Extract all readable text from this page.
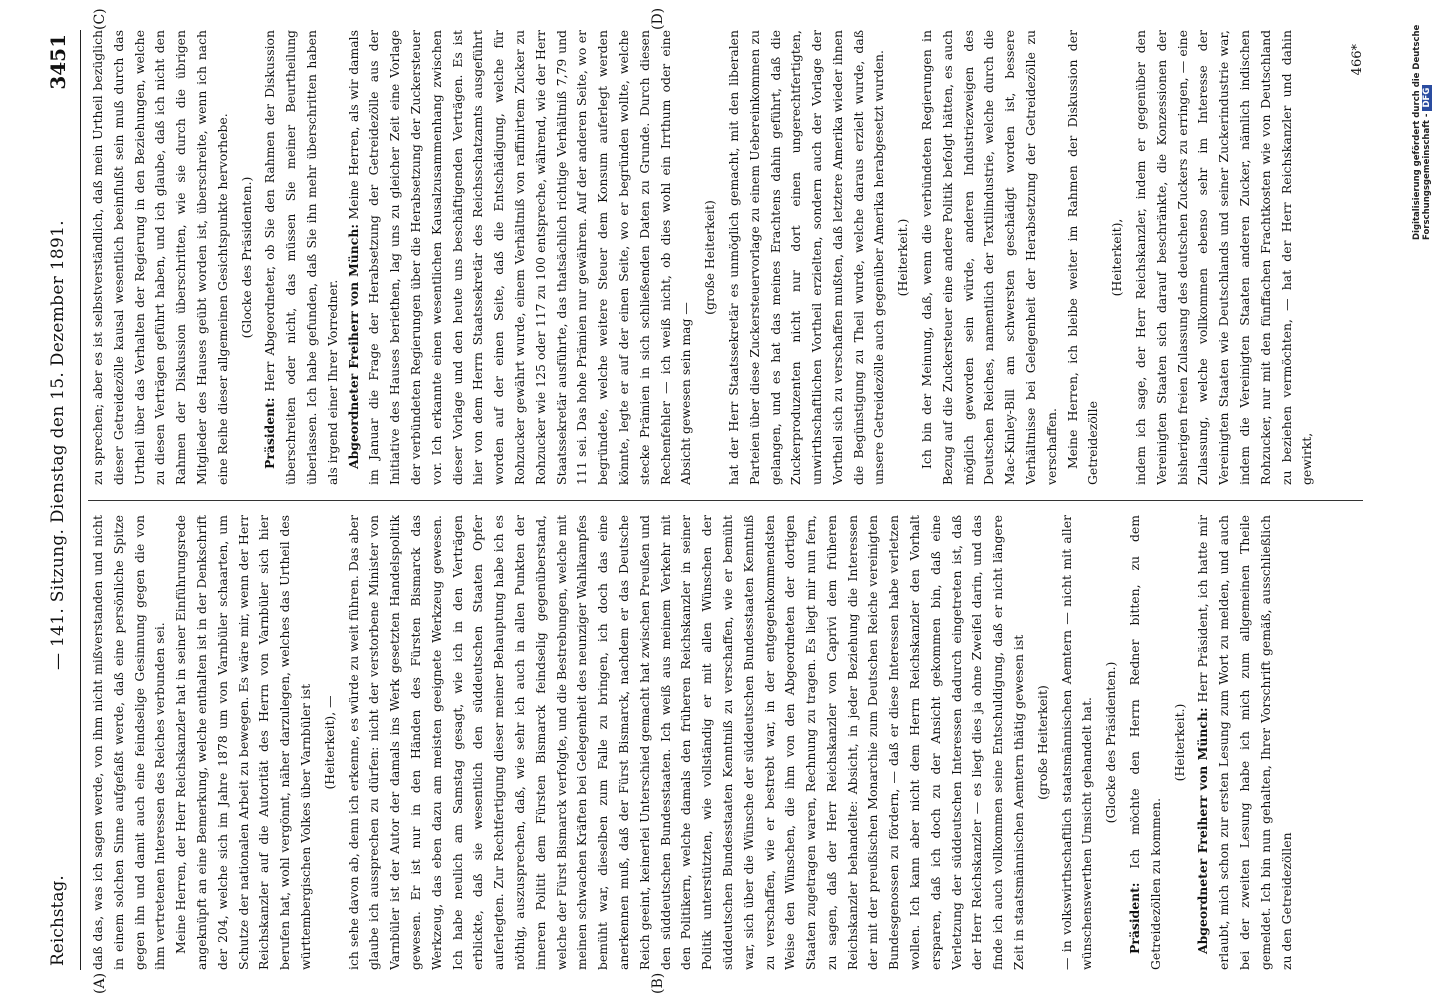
Reichstag.
— 141. Sitzung. Dienstag den 15. Dezember 1891.
3451

daß das, was ich sagen werde, von ihm nicht mißverstanden und nicht in einem solchen Sinne aufgefaßt werde, daß eine persönliche Spitze gegen ihn und damit auch eine feindselige Gesinnung gegen die von ihm vertretenen Interessen des Reiches verbunden sei. Meine Herren, der Herr Reichskanzler hat in seiner Einführungsrede angeknüpft an eine Bemerkung, welche enthalten ist in der Denkschrift der 204, welche sich im Jahre 1878 um von Varnbüler schaarten, um Schutze der nationalen Arbeit zu bewegen. Es wäre mir, wenn der Herr Reichskanzler auf die Autorität des Herrn von Varnbüler sich hier berufen hat, wohl vergönnt, näher darzulegen, welches das Urtheil des württembergischen Volkes über Varnbüler ist (Heiterkeit), — ich sehe davon ab, denn ich erkenne, es würde zu weit führen. Das aber glaube ich aussprechen zu dürfen: nicht der verstorbene Minister von Varnbüler ist der Autor der damals ins Werk gesetzten Handelspolitik gewesen. Er ist nur in den Händen des Fürsten Bismarck das Werkzeug, das eben dazu am meisten geeignete Werkzeug gewesen. Ich habe neulich am Samstag gesagt, wie ich in den Verträgen erblickte, daß sie wesentlich den süddeutschen Staaten Opfer auferlegten. Zur Rechtfertigung dieser meiner Behauptung habe ich es nöthig, auszusprechen, daß, wie sehr ich auch in allen Punkten der inneren Politit dem Fürsten Bismarck feindselig gegenüberstand, welche der Fürst Bismarck verfolgte, und die Bestrebungen, welche mit meinen schwachen Kräften bei Gelegenheit des neunziger Wahlkampfes bemüht war, dieselben zum Falle zu bringen, ich doch das eine anerkennen muß, daß der Fürst Bismarck, nachdem er das Deutsche Reich geeint, keinerlei Unterschied gemacht hat zwischen Preußen und den süddeutschen Bundesstaaten. Ich weiß aus meinem Verkehr mit den Politikern, welche damals den früheren Reichskanzler in seiner Politik unterstützten, wie vollständig er mit allen Wünschen der süddeutschen Bundesstaaten Kenntniß zu verschaffen, wie er bemüht war, sich über die Wünsche der süddeutschen Bundesstaaten Kenntniß zu verschaffen, wie er bestrebt war, in der entgegenkommendsten Weise den Wünschen, die ihm von den Abgeordneten der dortigen Staaten zugetragen waren, Rechnung zu tragen. Es liegt mir nun fern, zu sagen, daß der Herr Reichskanzler von Caprivi dem früheren Reichskanzler behandelte: Absicht, in jeder Beziehung die Interessen der mit der preußischen Monarchie zum Deutschen Reiche vereinigten Bundesgenossen zu fördern, — daß er diese Interessen habe verletzen wollen. Ich kann aber nicht dem Herrn Reichskanzler den Vorhalt ersparen, daß ich doch zu der Ansicht gekommen bin, daß eine Verletzung der süddeutschen Interessen dadurch eingetreten ist, daß der Herr Reichskanzler — es liegt dies ja ohne Zweifel darin, und das finde ich auch vollkommen seine Entschuldigung, daß er nicht längere Zeit in staatsmännischen Aemtern thätig gewesen ist (große Heiterkeit) — in volkswirthschaftlich staatsmännischen Aemtern — nicht mit aller wünschenswerthen Umsicht gehandelt hat. (Glocke des Präsidenten.)

Präsident: Ich möchte den Herrn Redner bitten, zu dem Getreidezöllen zu kommen.

(Heiterkeit.) Abgeordneter Freiherr von Münch: Herr Präsident, ich hatte mir erlaubt, mich schon zur ersten Lesung zum Wort zu melden, und auch bei der zweiten Lesung habe ich mich zum allgemeinen Theile gemeldet. Ich bin nun gehalten, Ihrer Vorschrift gemäß, ausschließlich zu den Getreidezöllen

zu sprechen; aber es ist selbstverständlich, daß mein Urtheil bezüglich dieser Getreidezölle kausal wesentlich beeinflußt sein muß durch das Urtheil über das Verhalten der Regierung in den Beziehungen, welche zu diesen Verträgen geführt haben, und ich glaube, daß ich nicht den Rahmen der Diskussion überschritten, wie sie durch die übrigen Mitglieder des Hauses geübt worden ist, überschreite, wenn ich nach eine Reihe dieser allgemeinen Gesichtspunkte hervorhebe. (Glocke des Präsidenten.)

Präsident: Herr Abgeordneter, ob Sie den Rahmen der Diskussion überschreiten oder nicht, das müssen Sie meiner Beurtheilung überlassen. Ich habe gefunden, daß Sie ihn mehr überschritten haben als irgend einer Ihrer Vorredner. Abgeordneter Freiherr von Münch: Meine Herren, als wir damals im Januar die Frage der Herabsetzung der Getreidezölle aus der Initiative des Hauses beriethen, lag uns zu gleicher Zeit eine Vorlage der verbündeten Regierungen über die Herabsetzung der Zuckersteuer vor. Ich erkannte einen wesentlichen Kausalzusammenhang zwischen dieser Vorlage und den heute uns beschäftigenden Verträgen. Es ist hier von dem Herrn Staatssekretär des Reichsschatzamts ausgeführt worden auf der einen Seite, daß die Entschädigung, welche für Rohzucker gewährt wurde, einem Verhältniß von raffinirtem Zucker zu Rohzucker wie 125 oder 117 zu 100 entspreche, während, wie der Herr Staatssekretär ausführte, das thatsächlich richtige Verhältniß 7,79 und 111 sei. Das hohe Prämien nur gewähren. Auf der anderen Seite, wo er begründete, welche weitere Steuer dem Konsum auferlegt werden könnte, legte er auf der einen Seite, wo er begründen wollte, welche stecke Prämien in sich schließenden Daten zu Grunde. Durch diesen Rechenfehler — ich weiß nicht, ob dies wohl ein Irrthum oder eine Absicht gewesen sein mag —

(große Heiterkeit) hat der Herr Staatssekretär es unmöglich gemacht, mit den liberalen Parteien über diese Zuckersteuervorlage zu einem Uebereinkommen zu gelangen, und es hat das meines Erachtens dahin geführt, daß die Zuckerproduzenten nicht nur dort einen ungerechtfertigten, unwirthschaftlichen Vortheil erzielten, sondern auch der Vorlage der Vortheil sich zu verschaffen mußten, daß letztere Amerika wieder ihnen die Begünstigung zu Theil wurde, welche daraus erzielt wurde, daß unsere Getreidezölle auch gegenüber Amerika herabgesetzt wurden. (Heiterkeit.) Ich bin der Meinung, daß, wenn die verbündeten Regierungen in Bezug auf die Zuckersteuer eine andere Politik befolgt hätten, es auch möglich geworden sein würde, anderen Industriezweigen des Deutschen Reiches, namentlich der Textilindustrie, welche durch die Mac-Kinley-Bill am schwersten geschädigt worden ist, bessere Verhältnisse bei Gelegenheit der Herabsetzung der Getreidezölle zu verschaffen. Meine Herren, ich bleibe weiter im Rahmen der Diskussion der Getreidezölle

(Heiterkeit), indem ich sage, der Herr Reichskanzler, indem er gegenüber den Vereinigten Staaten sich darauf beschränkte, die Konzessionen der bisherigen freien Zulassung des deutschen Zuckers zu erringen, — eine Zulassung, welche vollkommen ebenso sehr im Interesse der Vereinigten Staaten wie Deutschlands und seiner Zuckerindustrie war, indem die Vereinigten Staaten anderen Zucker, nämlich indischen Rohzucker, nur mit den fünffachen Frachtkosten wie von Deutschland zu beziehen vermöchten, — hat der Herr Reichskanzler und dahin gewirkt,

(A)	(B)
(C)	(D)
466*	Digitalisierung gefördert durch die Deutsche Forschungsgemeinschaft -DFG
